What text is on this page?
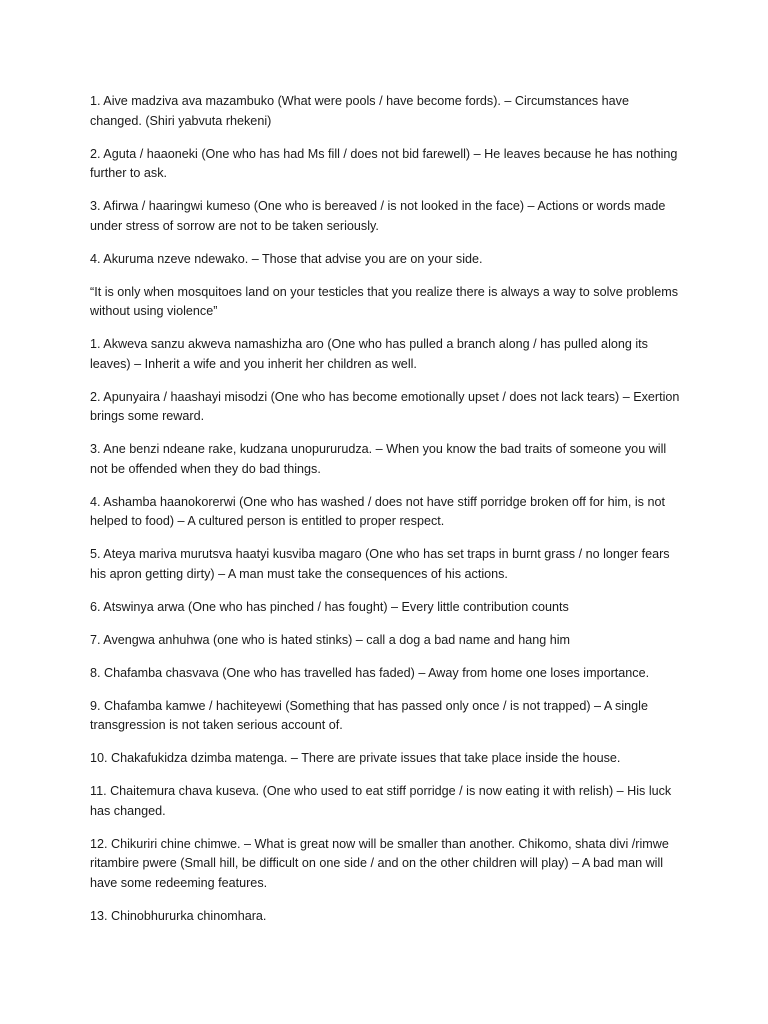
1. Aive madziva ava mazambuko (What were pools / have become fords). – Circumstances have changed. (Shiri yabvuta rhekeni)

2. Aguta / haaoneki (One who has had Ms fill / does not bid farewell) – He leaves because he has nothing further to ask.

3. Afirwa / haaringwi kumeso (One who is bereaved / is not looked in the face) – Actions or words made under stress of sorrow are not to be taken seriously.

4. Akuruma nzeve ndewako. – Those that advise you are on your side.

“It is only when mosquitoes land on your testicles that you realize there is always a way to solve problems without using violence”

1. Akweva sanzu akweva namashizha aro (One who has pulled a branch along / has pulled along its leaves) – Inherit a wife and you inherit her children as well.

2. Apunyaira / haashayi misodzi (One who has become emotionally upset / does not lack tears) – Exertion brings some reward.

3. Ane benzi ndeane rake, kudzana unopururudza. – When you know the bad traits of someone you will not be offended when they do bad things.

4. Ashamba haanokorerwi (One who has washed / does not have stiff porridge broken off for him, is not helped to food) – A cultured person is entitled to proper respect.

5. Ateya mariva murutsva haatyi kusviba magaro (One who has set traps in burnt grass / no longer fears his apron getting dirty) – A man must take the consequences of his actions.

6. Atswinya arwa (One who has pinched / has fought) – Every little contribution counts

7. Avengwa anhuhwa (one who is hated stinks) – call a dog a bad name and hang him

8. Chafamba chasvava (One who has travelled has faded) – Away from home one loses importance.

9. Chafamba kamwe / hachiteyewi (Something that has passed only once / is not trapped) – A single transgression is not taken serious account of.

10. Chakafukidza dzimba matenga. – There are private issues that take place inside the house.

11. Chaitemura chava kuseva. (One who used to eat stiff porridge / is now eating it with relish) – His luck has changed.

12. Chikuriri chine chimwe. – What is great now will be smaller than another. Chikomo, shata divi /rimwe ritambire pwere (Small hill, be difficult on one side / and on the other children will play) – A bad man will have some redeeming features.

13. Chinobhururka chinomhara.
